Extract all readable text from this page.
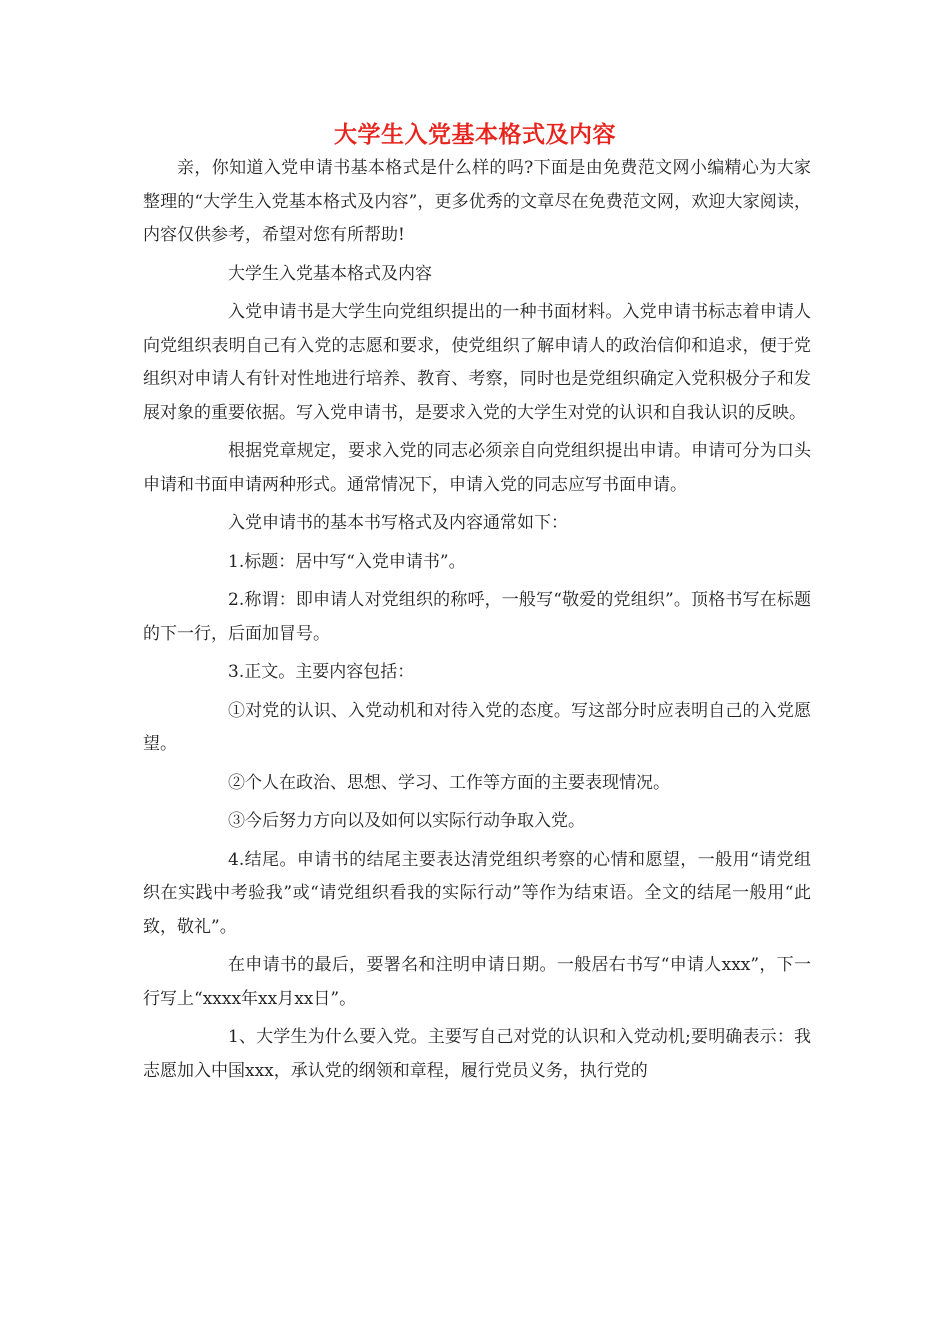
大学生入党基本格式及内容

亲，你知道入党申请书基本格式是什么样的吗?下面是由免费范文网小编精心为大家整理的“大学生入党基本格式及内容”，更多优秀的文章尽在免费范文网，欢迎大家阅读，内容仅供参考，希望对您有所帮助!

大学生入党基本格式及内容

入党申请书是大学生向党组织提出的一种书面材料。入党申请书标志着申请人向党组织表明自己有入党的志愿和要求，使党组织了解申请人的政治信仰和追求，便于党组织对申请人有针对性地进行培养、教育、考察，同时也是党组织确定入党积极分子和发展对象的重要依据。写入党申请书，是要求入党的大学生对党的认识和自我认识的反映。

根据党章规定，要求入党的同志必须亲自向党组织提出申请。申请可分为口头申请和书面申请两种形式。通常情况下，申请入党的同志应写书面申请。

入党申请书的基本书写格式及内容通常如下：

1.标题：居中写“入党申请书”。

2.称谓：即申请人对党组织的称呼，一般写“敬爱的党组织”。顶格书写在标题的下一行，后面加冒号。

3.正文。主要内容包括：

①对党的认识、入党动机和对待入党的态度。写这部分时应表明自己的入党愿望。

②个人在政治、思想、学习、工作等方面的主要表现情况。

③今后努力方向以及如何以实际行动争取入党。

4.结尾。申请书的结尾主要表达清党组织考察的心情和愿望，一般用“请党组织在实践中考验我”或“请党组织看我的实际行动”等作为结束语。全文的结尾一般用“此致，敬礼”。

在申请书的最后，要署名和注明申请日期。一般居右书写“申请人xxx”，下一行写上“xxxx年xx月xx日”。

1、大学生为什么要入党。主要写自己对党的认识和入党动机;要明确表示：我志愿加入中国xxx，承认党的纲领和章程，履行党员义务，执行党的
